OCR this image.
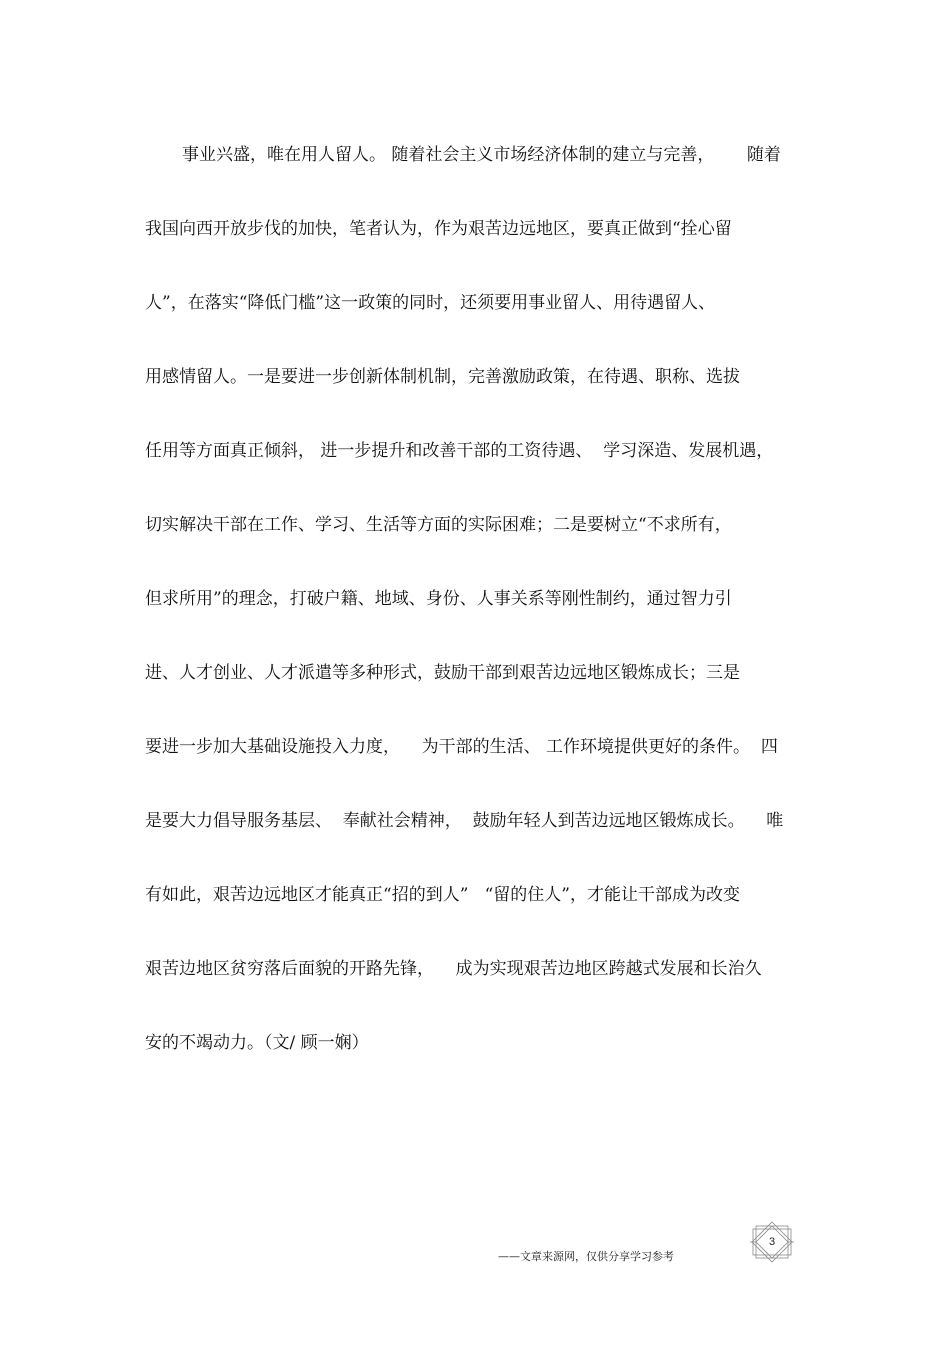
事业兴盛，唯在用人留人。 随着社会主义市场经济体制的建立与完善，      随着
我国向西开放步伐的加快，笔者认为，作为艰苦边远地区，要真正做到“拴心留
人”，在落实“降低门槛”这一政策的同时，还须要用事业留人、用待遇留人、
用感情留人。一是要进一步创新体制机制，完善激励政策，在待遇、职称、选拔
任用等方面真正倾斜， 进一步提升和改善干部的工资待遇、  学习深造、发展机遇，
切实解决干部在工作、学习、生活等方面的实际困难；二是要树立“不求所有，
但求所用”的理念，打破户籍、地域、身份、人事关系等刚性制约，通过智力引
进、人才创业、人才派遣等多种形式，鼓励干部到艰苦边远地区锻炼成长；三是
要进一步加大基础设施投入力度，    为干部的生活、 工作环境提供更好的条件。  四
是要大力倡导服务基层、  奉献社会精神，  鼓励年轻人到苦边远地区锻炼成长。    唯
有如此，艰苦边远地区才能真正“招的到人”   “留的住人”，才能让干部成为改变
艰苦边地区贫穷落后面貌的开路先锋，    成为实现艰苦边地区跨越式发展和长治久
安的不竭动力。（文/ 顾一娴）
——文章来源网，仅供分享学习参考
3
